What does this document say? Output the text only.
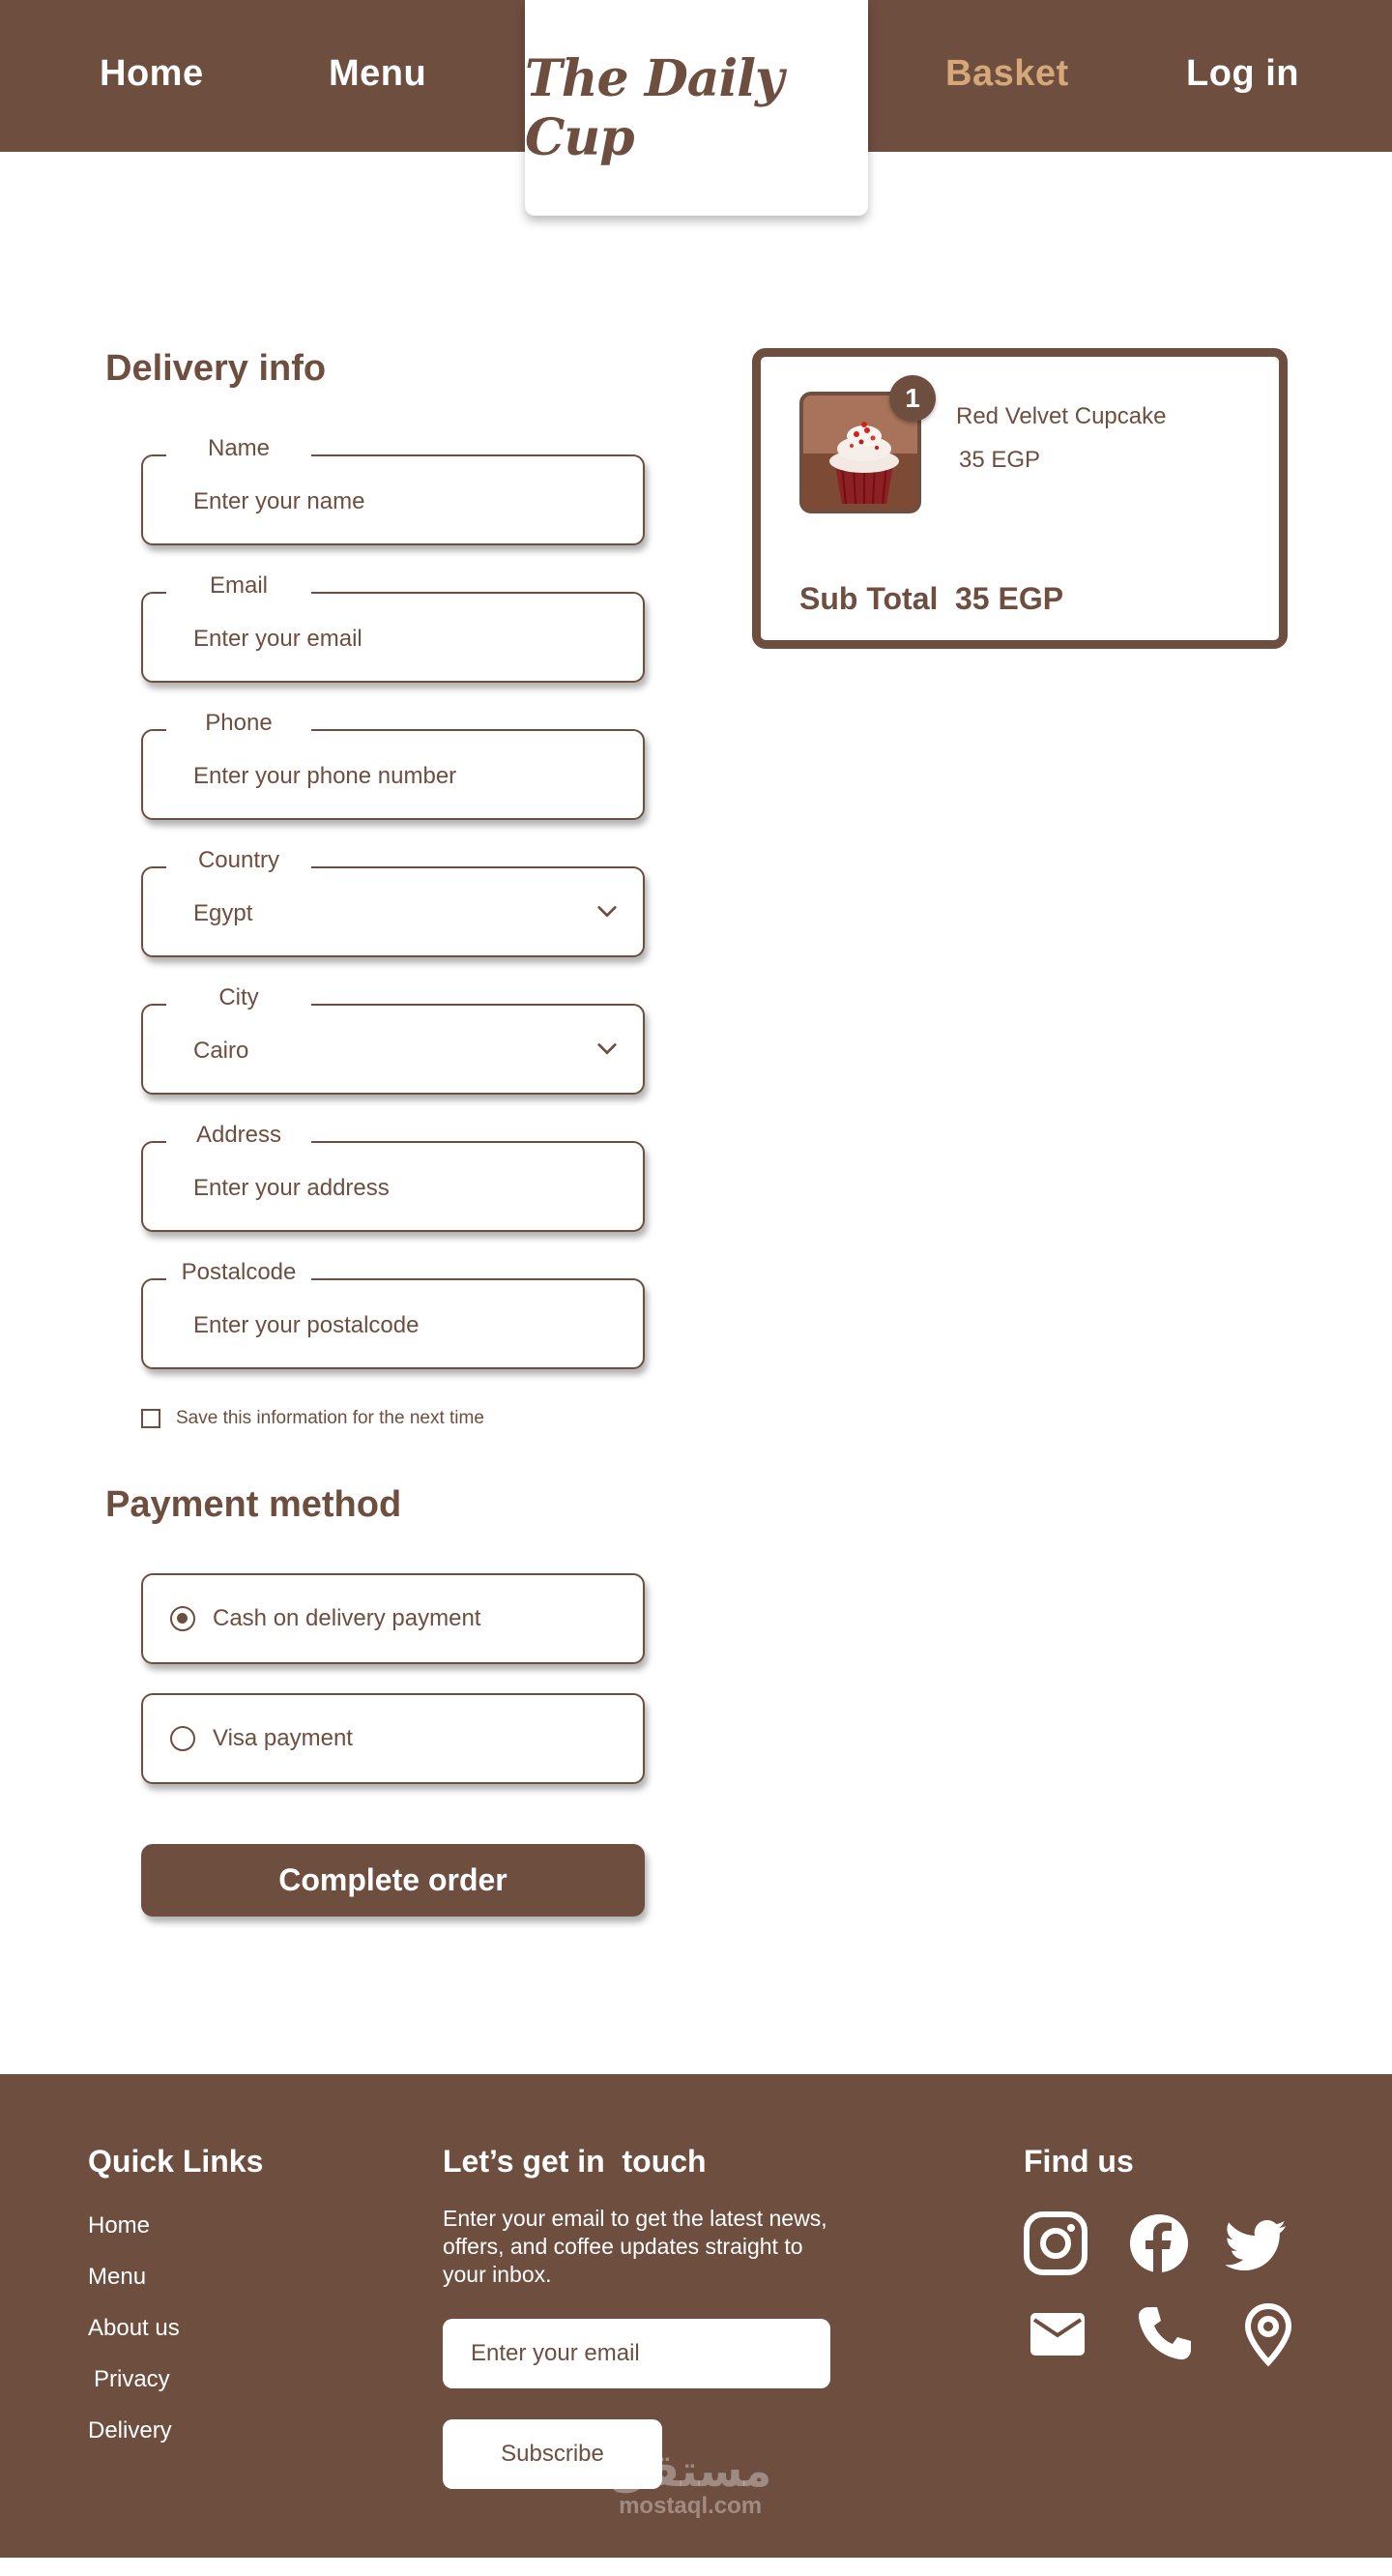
Home	Menu	Basket	Log in
The Daily Cup
Delivery info
Name
Enter your name
Email
Enter your email
Phone
Enter your phone number
Country
Egypt
City
Cairo
Address
Enter your address
Postalcode
Enter your postalcode
Save this information for the next time
Payment method
Cash on delivery payment
Visa payment
Complete order
1
Red Velvet Cupcake
35 EGP
Sub Total 35 EGP
Quick Links
Home
Menu
About us
Privacy
Delivery
Let’s get in  touch

Enter your email to get the latest news, offers, and coffee updates straight to your inbox.

Enter your email
Subscribe
Find us
مستقل
mostaql.com
